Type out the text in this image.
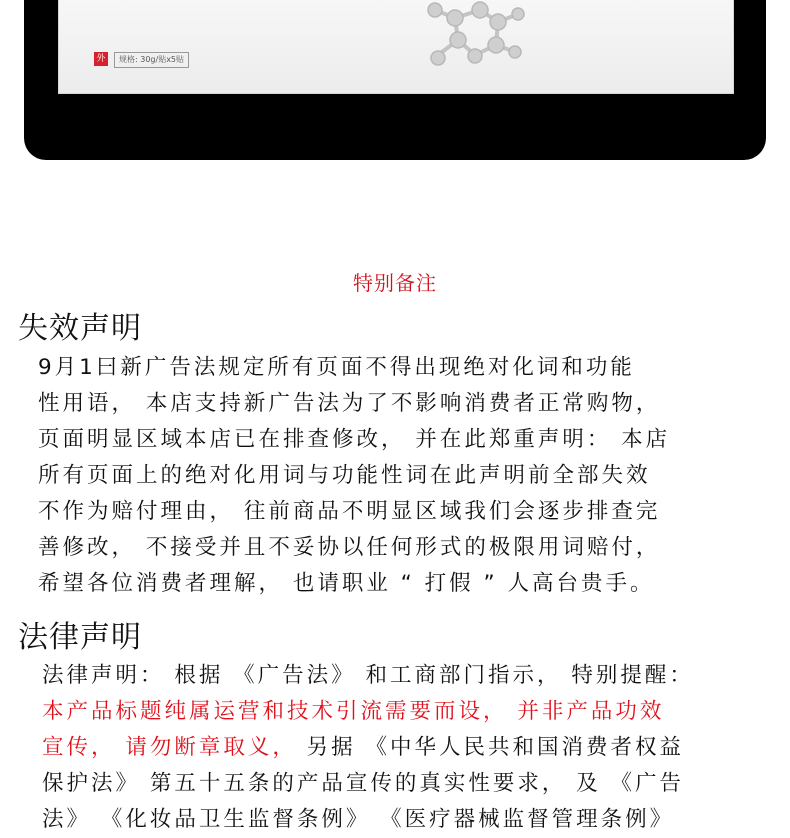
外	规格: 30g/贴x5贴
特别备注
失效声明

9月1曰新广告法规定所有页面不得出现绝对化词和功能

性用语， 本店支持新广告法为了不影响消费者正常购物，

页面明显区域本店已在排查修改， 并在此郑重声明： 本店

所有页面上的绝对化用词与功能性词在此声明前全部失效

不作为赔付理由， 往前商品不明显区域我们会逐步排查完

善修改， 不接受并且不妥协以任何形式的极限用词赔付，

希望各位消费者理解， 也请职业 “ 打假 ” 人高台贵手。

法律声明

法律声明： 根据 《广告法》 和工商部门指示， 特别提醒：

本产品标题纯属运营和技术引流需要而设， 并非产品功效

宣传， 请勿断章取义， 另据 《中华人民共和国消费者权益

保护法》 第五十五条的产品宣传的真实性要求， 及 《广告

法》 《化妆品卫生监督条例》 《医疗器械监督管理条例》
